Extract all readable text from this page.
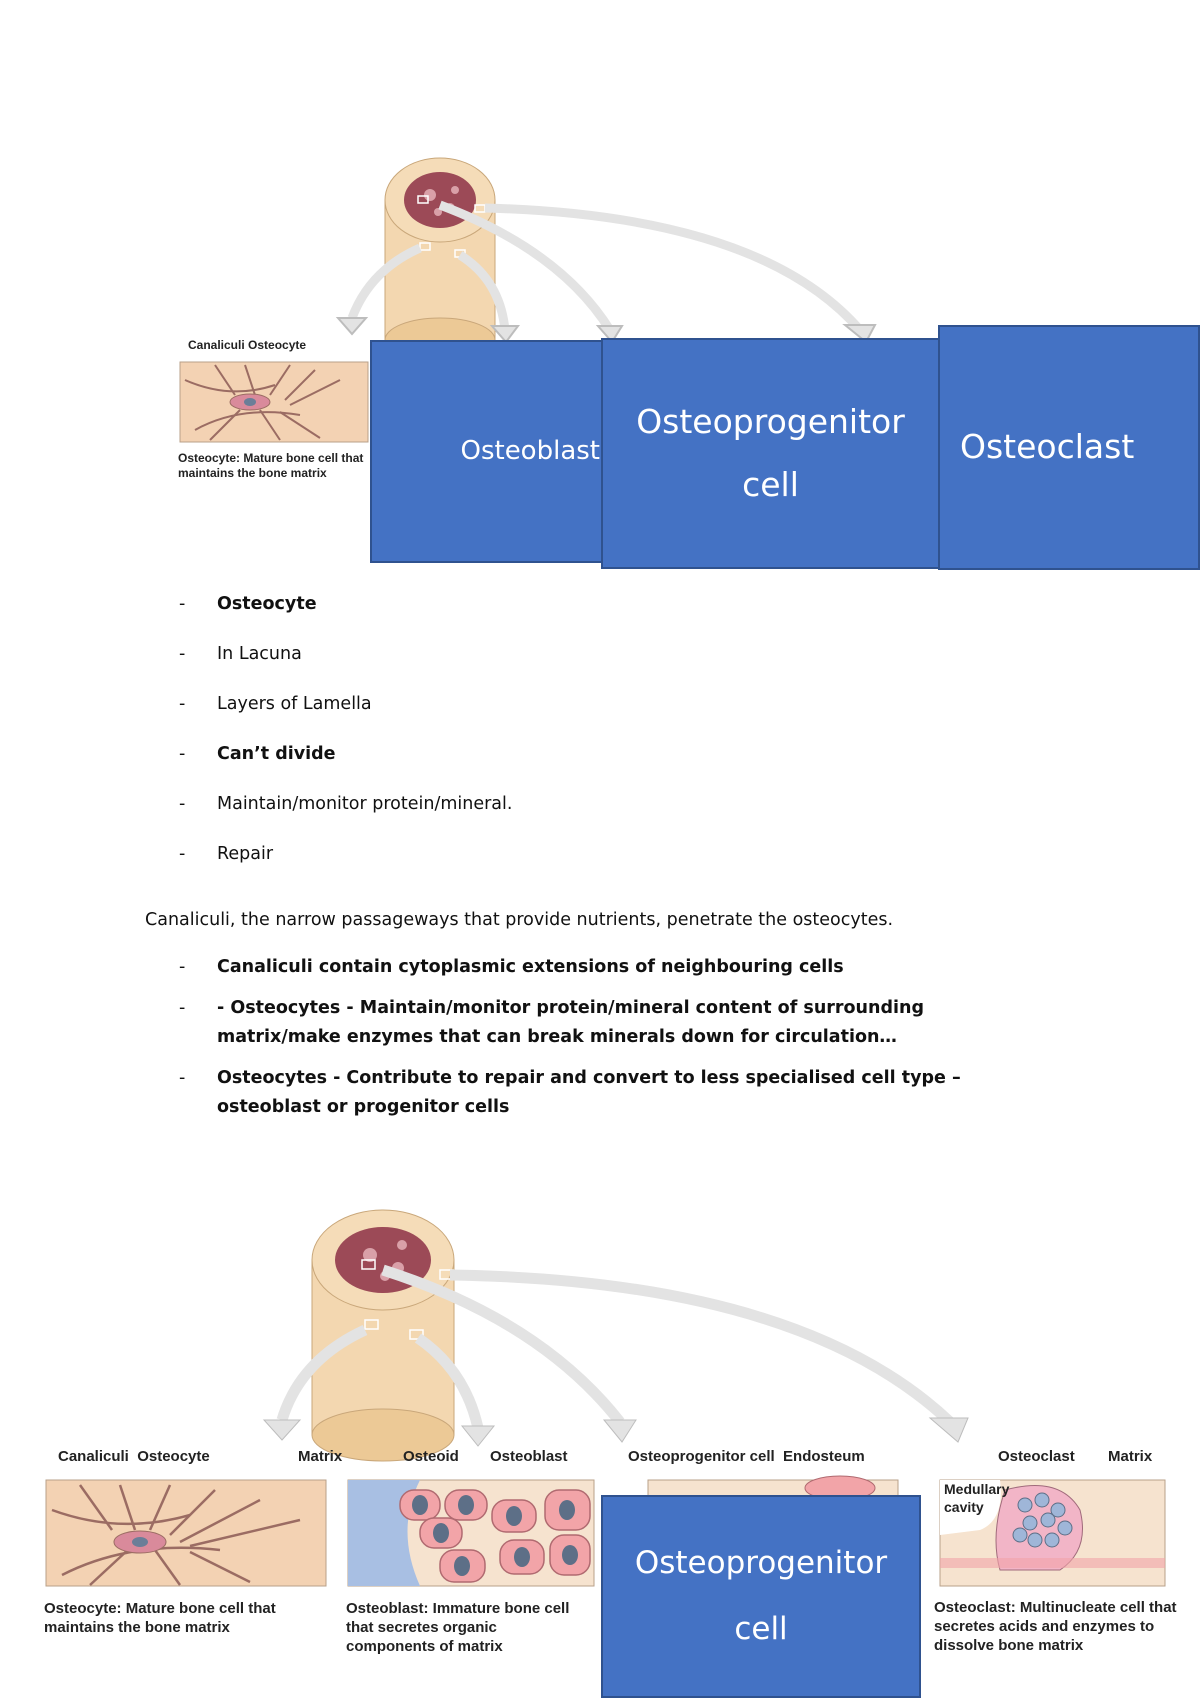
Canaliculi Osteocyte
Osteocyte: Mature bone cell that maintains the bone matrix
Osteoblast
Osteoprogenitor cell
Osteoclast
- Osteocyte
- In Lacuna
- Layers of Lamella
- Can’t divide
- Maintain/monitor protein/mineral.
- Repair
Canaliculi, the narrow passageways that provide nutrients, penetrate the osteocytes.
- Canaliculi contain cytoplasmic extensions of neighbouring cells
- - Osteocytes - Maintain/monitor protein/mineral content of surrounding matrix/make enzymes that can break minerals down for circulation…
- Osteocytes - Contribute to repair and convert to less specialised cell type – osteoblast or progenitor cells
Canaliculi  Osteocyte	Matrix	Osteoid Osteoblast	Osteoprogenitor cell  Endosteum	Osteoclast Matrix
Medullary cavity
Osteocyte: Mature bone cell that maintains the bone matrix
Osteoblast: Immature bone cell that secretes organic components of matrix
Osteoclast: Multinucleate cell that secretes acids and enzymes to dissolve bone matrix
Osteoprogenitor cell
